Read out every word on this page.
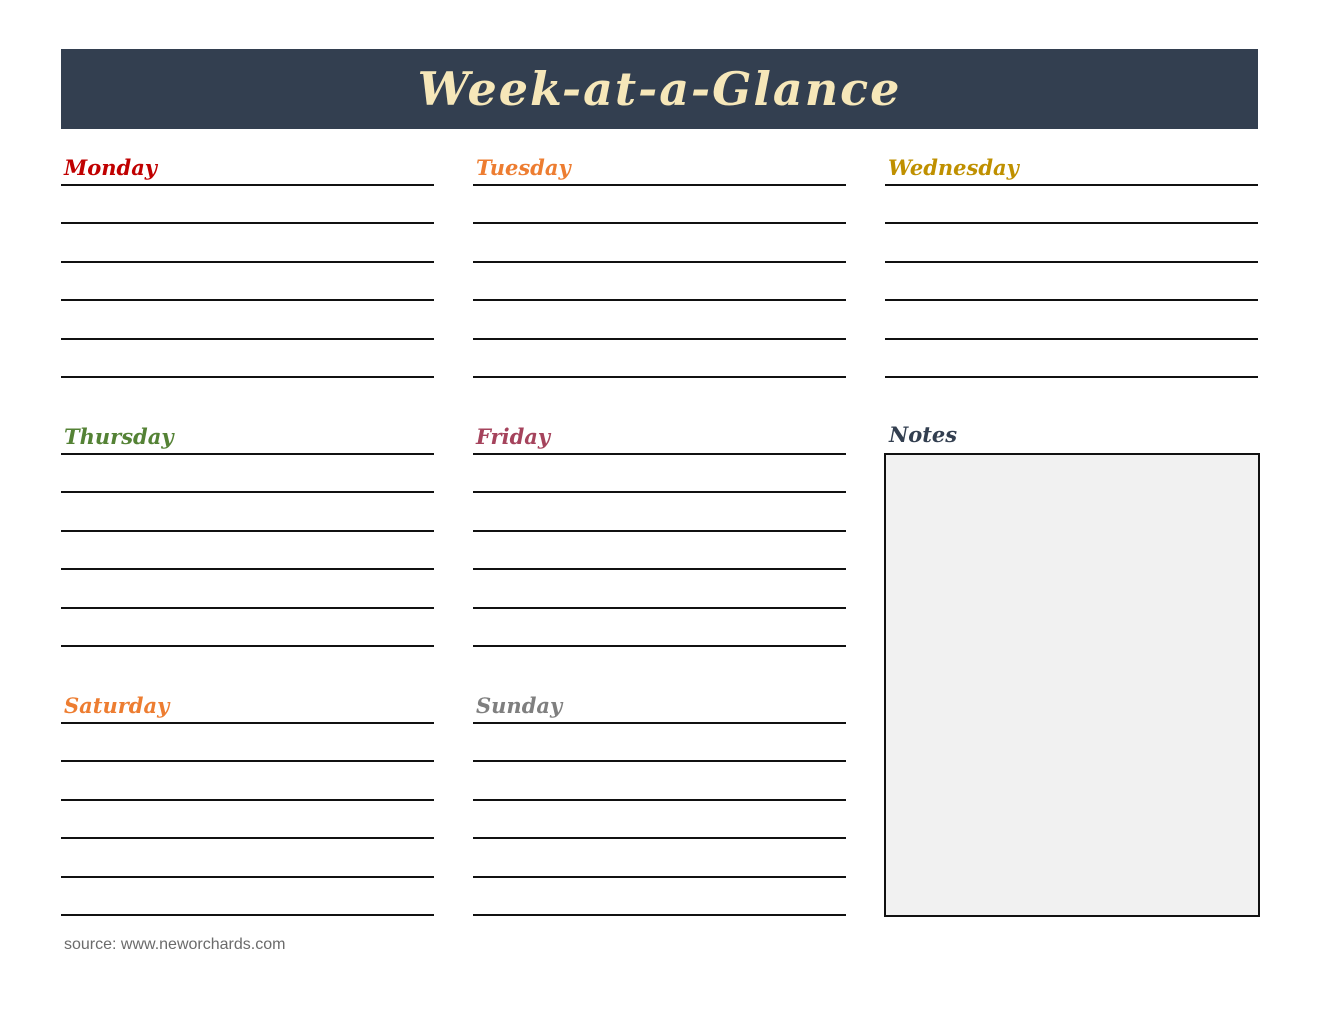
Week-at-a-Glance
Monday	Tuesday	Wednesday
Thursday	Friday
Saturday	Sunday
Notes
source: www.neworchards.com
